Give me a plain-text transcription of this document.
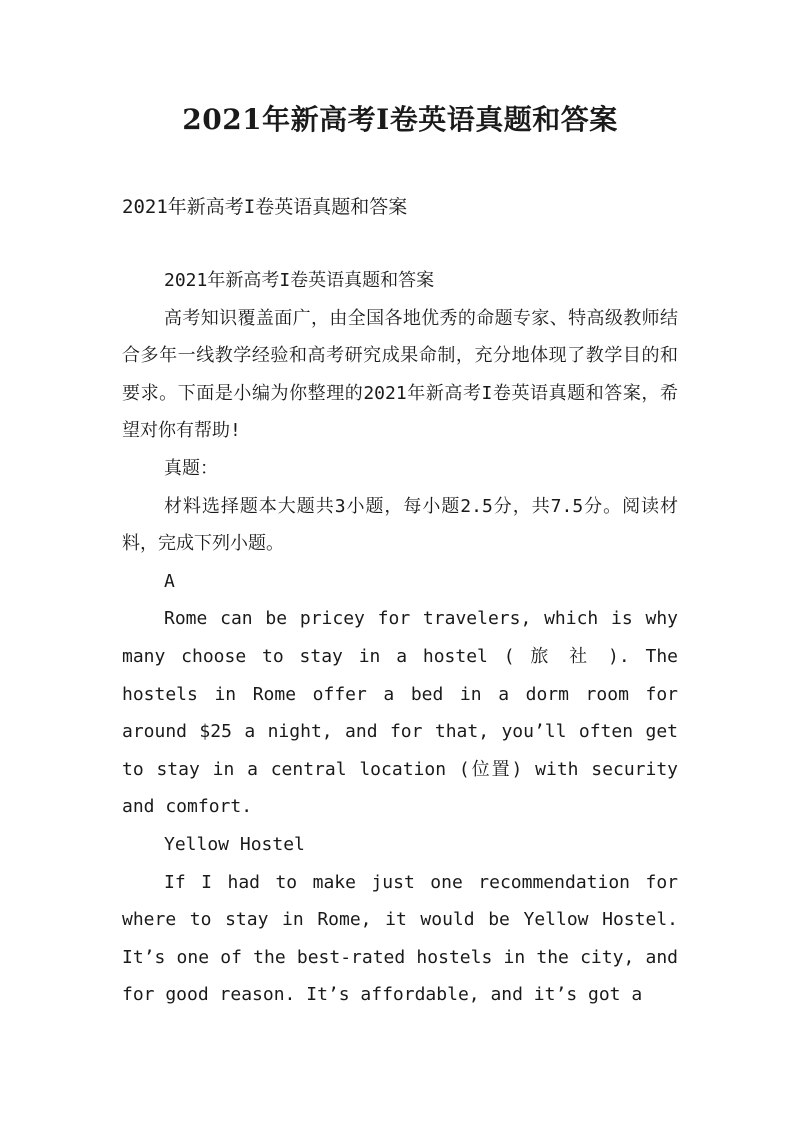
2021年新高考I卷英语真题和答案
2021年新高考I卷英语真题和答案

2021年新高考I卷英语真题和答案

高考知识覆盖面广，由全国各地优秀的命题专家、特高级教师结合多年一线教学经验和高考研究成果命制，充分地体现了教学目的和要求。下面是小编为你整理的2021年新高考I卷英语真题和答案，希望对你有帮助!

真题：

材料选择题本大题共3小题，每小题2.5分，共7.5分。阅读材料，完成下列小题。

A

Rome can be pricey for travelers, which is why many choose to stay in a hostel ( 旅 社 ). The hostels in Rome offer a bed in a dorm room for around $25 a night, and for that, you’ll often get to stay in a central location (位置) with security and comfort.

Yellow Hostel

If I had to make just one recommendation for where to stay in Rome, it would be Yellow Hostel. It’s one of the best-rated hostels in the city, and for good reason. It’s affordable, and it’s got a
